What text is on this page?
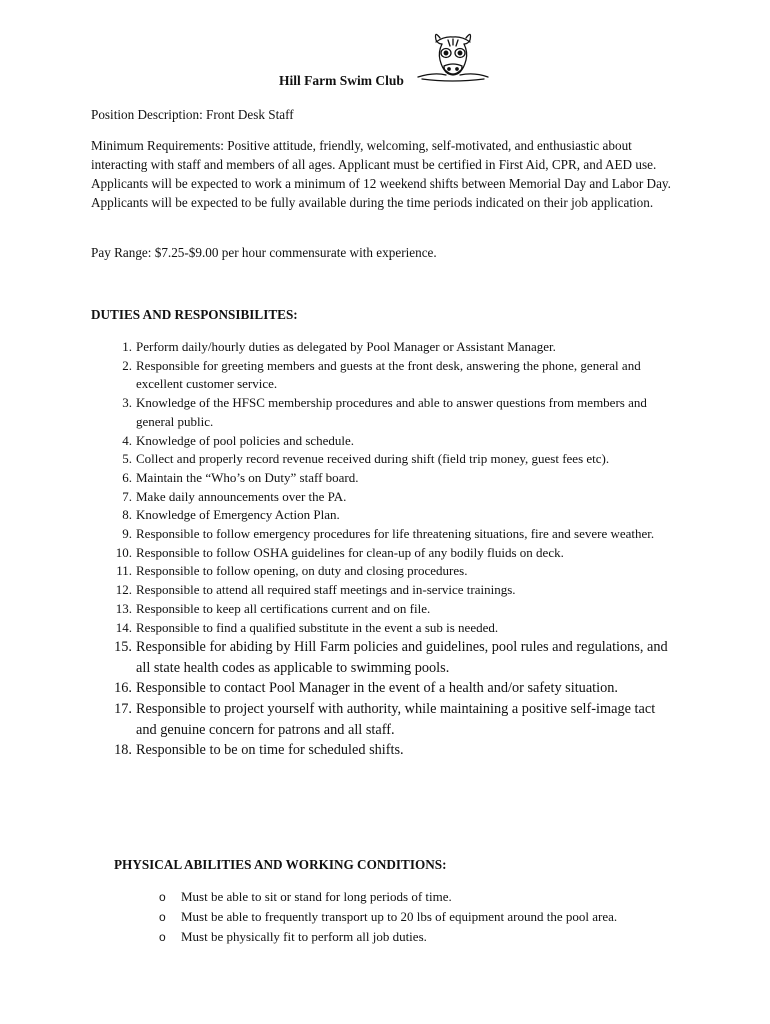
Hill Farm Swim Club

Position Description: Front Desk Staff

Minimum Requirements: Positive attitude, friendly, welcoming, self-motivated, and enthusiastic about interacting with staff and members of all ages. Applicant must be certified in First Aid, CPR, and AED use. Applicants will be expected to work a minimum of 12 weekend shifts between Memorial Day and Labor Day. Applicants will be expected to be fully available during the time periods indicated on their job application.

Pay Range: $7.25-$9.00 per hour commensurate with experience.

DUTIES AND RESPONSIBILITES:

1. Perform daily/hourly duties as delegated by Pool Manager or Assistant Manager.
2. Responsible for greeting members and guests at the front desk, answering the phone, general and excellent customer service.
3. Knowledge of the HFSC membership procedures and able to answer questions from members and general public.
4. Knowledge of pool policies and schedule.
5. Collect and properly record revenue received during shift (field trip money, guest fees etc).
6. Maintain the “Who’s on Duty” staff board.
7. Make daily announcements over the PA.
8. Knowledge of Emergency Action Plan.
9. Responsible to follow emergency procedures for life threatening situations, fire and severe weather.
10. Responsible to follow OSHA guidelines for clean-up of any bodily fluids on deck.
11. Responsible to follow opening, on duty and closing procedures.
12. Responsible to attend all required staff meetings and in-service trainings.
13. Responsible to keep all certifications current and on file.
14. Responsible to find a qualified substitute in the event a sub is needed.
15. Responsible for abiding by Hill Farm policies and guidelines, pool rules and regulations, and all state health codes as applicable to swimming pools.
16. Responsible to contact Pool Manager in the event of a health and/or safety situation.
17. Responsible to project yourself with authority, while maintaining a positive self-image tact and genuine concern for patrons and all staff.
18. Responsible to be on time for scheduled shifts.

PHYSICAL ABILITIES AND WORKING CONDITIONS:

o Must be able to sit or stand for long periods of time.
o Must be able to frequently transport up to 20 lbs of equipment around the pool area.
o Must be physically fit to perform all job duties.
